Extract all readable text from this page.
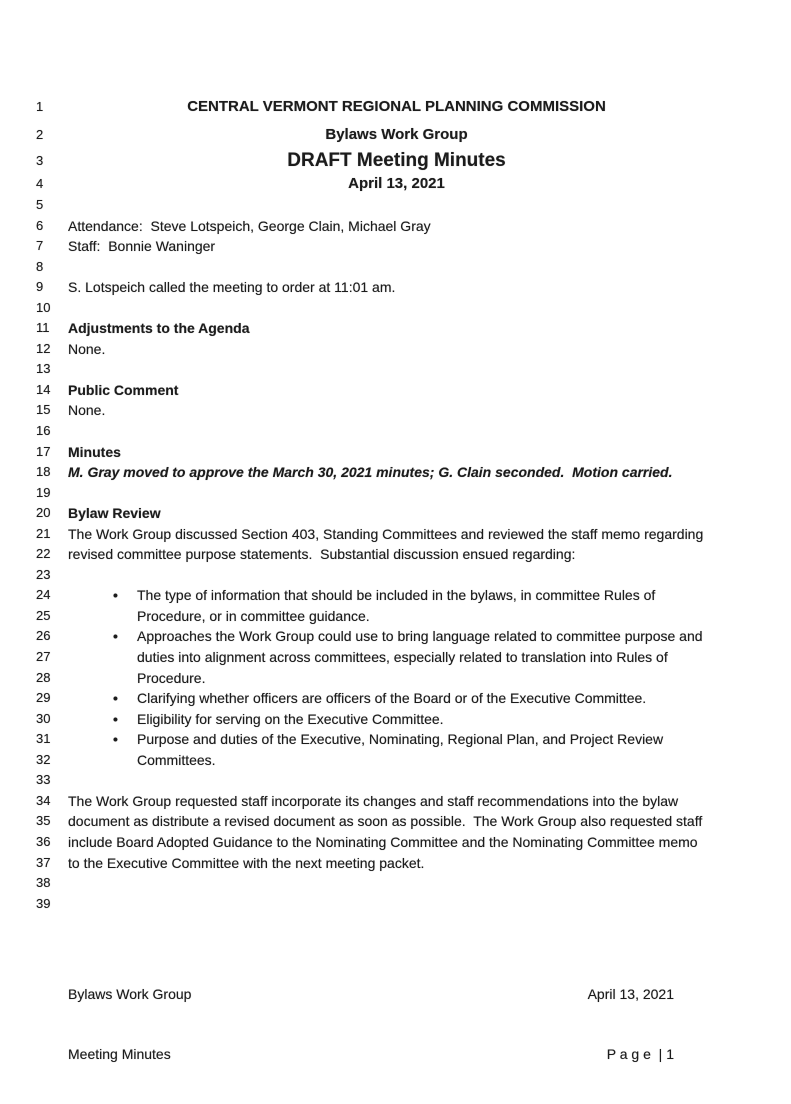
1	CENTRAL VERMONT REGIONAL PLANNING COMMISSION
2	Bylaws Work Group
3	DRAFT Meeting Minutes
4	April 13, 2021
5
6	Attendance:  Steve Lotspeich, George Clain, Michael Gray
7	Staff:  Bonnie Waninger
8
9	S. Lotspeich called the meeting to order at 11:01 am.
10
11	Adjustments to the Agenda
12	None.
13
14	Public Comment
15	None.
16
17	Minutes
18	M. Gray moved to approve the March 30, 2021 minutes; G. Clain seconded.  Motion carried.
19
20	Bylaw Review
21	The Work Group discussed Section 403, Standing Committees and reviewed the staff memo regarding
22	revised committee purpose statements.  Substantial discussion ensued regarding:
23
24	• The type of information that should be included in the bylaws, in committee Rules of
25	Procedure, or in committee guidance.
26	• Approaches the Work Group could use to bring language related to committee purpose and
27	duties into alignment across committees, especially related to translation into Rules of
28	Procedure.
29	• Clarifying whether officers are officers of the Board or of the Executive Committee.
30	• Eligibility for serving on the Executive Committee.
31	• Purpose and duties of the Executive, Nominating, Regional Plan, and Project Review
32	Committees.
33
34	The Work Group requested staff incorporate its changes and staff recommendations into the bylaw
35	document as distribute a revised document as soon as possible.  The Work Group also requested staff
36	include Board Adopted Guidance to the Nominating Committee and the Nominating Committee memo
37	to the Executive Committee with the next meeting packet.
38
39

Bylaws Work Group

Meeting Minutes

April 13, 2021

P a g e  | 1
